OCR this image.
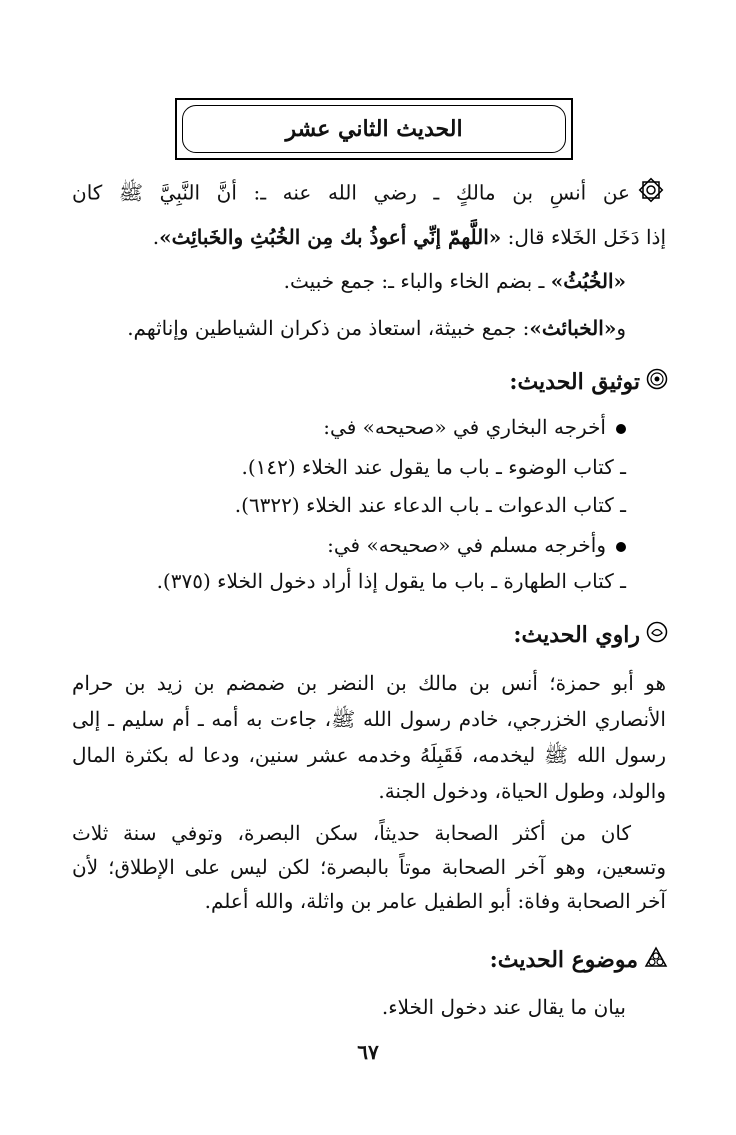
الحديث الثاني عشر
عن أنسِ بن مالكٍ ـ رضي الله عنه ـ: أنَّ النَّبِيَّ ﷺ كان
إذا دَخَل الخَلاء قال: «اللَّهمّ إنِّي أعوذُ بك مِن الخُبُثِ والخَبائِث».
«الخُبُثُ» ـ بضم الخاء والباء ـ: جمع خبيث.
و«الخبائث»: جمع خبيثة، استعاذ من ذكران الشياطين وإناثهم.
توثيق الحديث:
أخرجه البخاري في «صحيحه» في:
ـ كتاب الوضوء ـ باب ما يقول عند الخلاء (١٤٢).
ـ كتاب الدعوات ـ باب الدعاء عند الخلاء (٦٣٢٢).
وأخرجه مسلم في «صحيحه» في:
ـ كتاب الطهارة ـ باب ما يقول إذا أراد دخول الخلاء (٣٧٥).
راوي الحديث:
هو أبو حمزة؛ أنس بن مالك بن النضر بن ضمضم بن زيد بن حرام
الأنصاري الخزرجي، خادم رسول الله ﷺ، جاءت به أمه ـ أم سليم ـ إلى
رسول الله ﷺ ليخدمه، فَقَبِلَهُ وخدمه عشر سنين، ودعا له بكثرة المال
والولد، وطول الحياة، ودخول الجنة.
كان من أكثر الصحابة حديثاً، سكن البصرة، وتوفي سنة ثلاث
وتسعين، وهو آخر الصحابة موتاً بالبصرة؛ لكن ليس على الإطلاق؛ لأن
آخر الصحابة وفاة: أبو الطفيل عامر بن واثلة، والله أعلم.
موضوع الحديث:
بيان ما يقال عند دخول الخلاء.
٦٧
